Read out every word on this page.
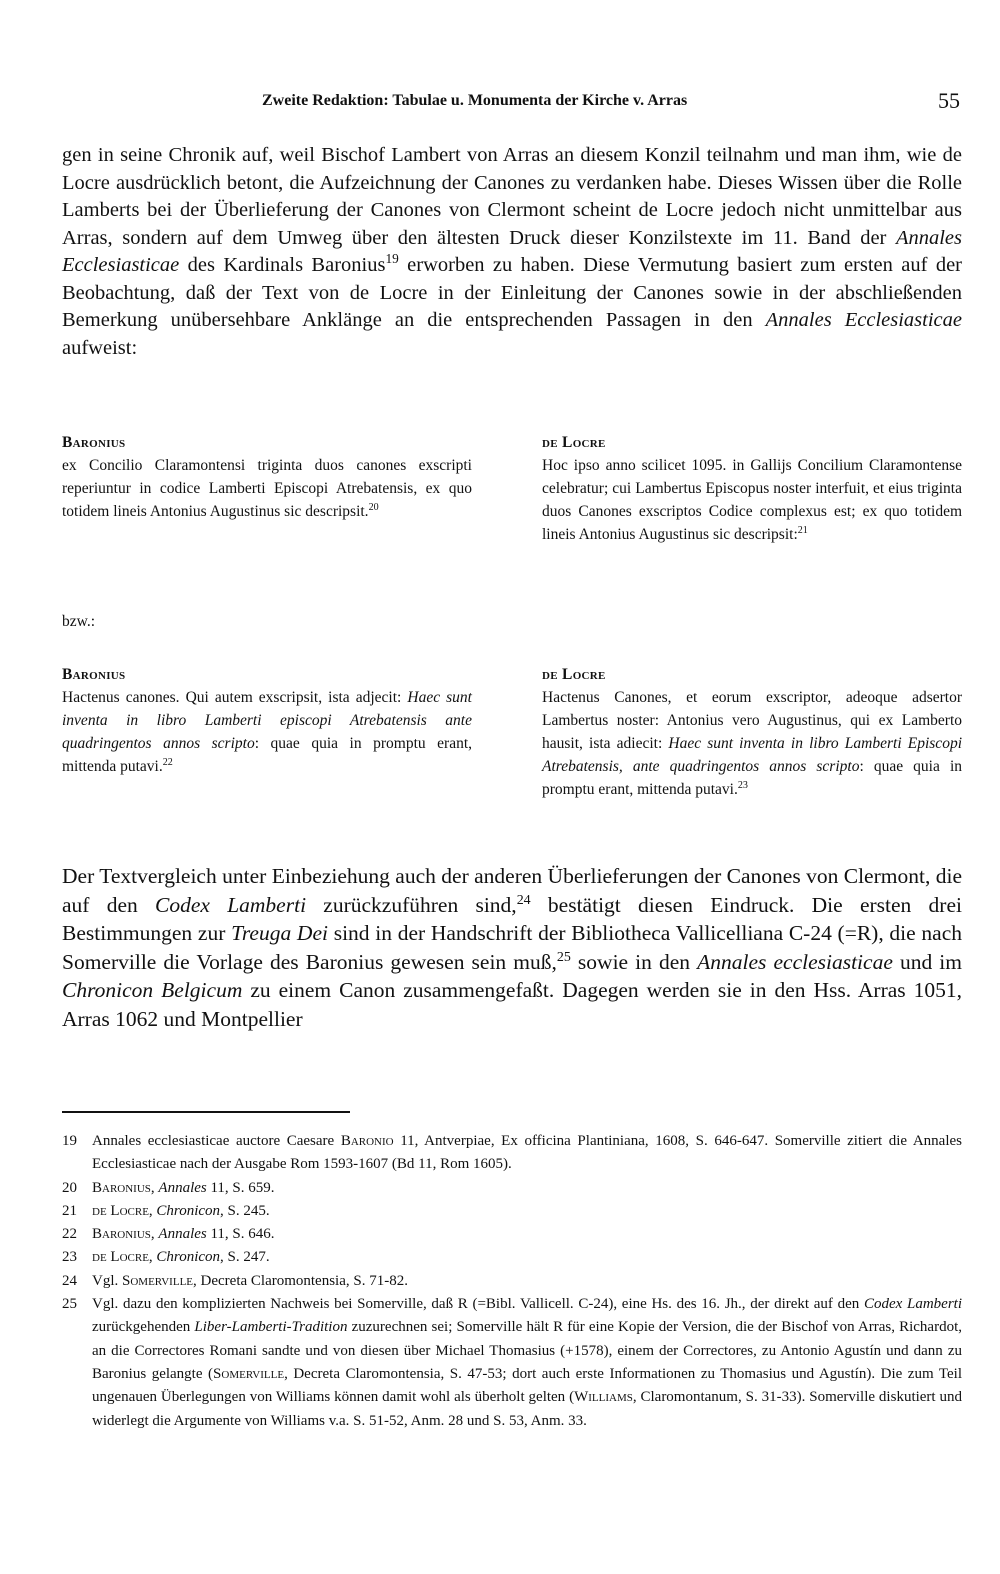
Zweite Redaktion: Tabulae u. Monumenta der Kirche v. Arras	55
gen in seine Chronik auf, weil Bischof Lambert von Arras an diesem Konzil teilnahm und man ihm, wie de Locre ausdrücklich betont, die Aufzeichnung der Canones zu verdanken habe. Dieses Wissen über die Rolle Lamberts bei der Überlieferung der Canones von Clermont scheint de Locre jedoch nicht unmittelbar aus Arras, sondern auf dem Umweg über den ältesten Druck dieser Konzilstexte im 11. Band der Annales Ecclesiasticae des Kardinals Baronius$^{19}$ erworben zu haben. Diese Vermutung basiert zum ersten auf der Beobachtung, daß der Text von de Locre in der Einleitung der Canones sowie in der abschließenden Bemerkung unübersehbare Anklänge an die entsprechenden Passagen in den Annales Ecclesiasticae aufweist:
Baronius
ex Concilio Claramontensi triginta duos canones exscripti reperiuntur in codice Lamberti Episcopi Atrebatensis, ex quo totidem lineis Antonius Augustinus sic descripsit.$^{20}$
de Locre
Hoc ipso anno scilicet 1095. in Gallijs Concilium Claramontense celebratur; cui Lambertus Episcopus noster interfuit, et eius triginta duos Canones exscriptos Codice complexus est; ex quo totidem lineis Antonius Augustinus sic descripsit:$^{21}$
bzw.:
Baronius
Hactenus canones. Qui autem exscripsit, ista adjecit: Haec sunt inventa in libro Lamberti episcopi Atrebatensis ante quadringentos annos scripto: quae quia in promptu erant, mittenda putavi.$^{22}$
de Locre
Hactenus Canones, et eorum exscriptor, adeoque adsertor Lambertus noster: Antonius vero Augustinus, qui ex Lamberto hausit, ista adiecit: Haec sunt inventa in libro Lamberti Episcopi Atrebatensis, ante quadringentos annos scripto: quae quia in promptu erant, mittenda putavi.$^{23}$
Der Textvergleich unter Einbeziehung auch der anderen Überlieferungen der Canones von Clermont, die auf den Codex Lamberti zurückzuführen sind,$^{24}$ bestätigt diesen Eindruck. Die ersten drei Bestimmungen zur Treuga Dei sind in der Handschrift der Bibliotheca Vallicelliana C-24 (=R), die nach Somerville die Vorlage des Baronius gewesen sein muß,$^{25}$ sowie in den Annales ecclesiasticae und im Chronicon Belgicum zu einem Canon zusammengefaßt. Dagegen werden sie in den Hss. Arras 1051, Arras 1062 und Montpellier
19 Annales ecclesiasticae auctore Caesare Baronio 11, Antverpiae, Ex officina Plantiniana, 1608, S. 646-647. Somerville zitiert die Annales Ecclesiasticae nach der Ausgabe Rom 1593-1607 (Bd 11, Rom 1605).
20 Baronius, Annales 11, S. 659.
21 de Locre, Chronicon, S. 245.
22 Baronius, Annales 11, S. 646.
23 de Locre, Chronicon, S. 247.
24 Vgl. Somerville, Decreta Claromontensia, S. 71-82.
25 Vgl. dazu den komplizierten Nachweis bei Somerville, daß R (=Bibl. Vallicell. C-24), eine Hs. des 16. Jh., der direkt auf den Codex Lamberti zurückgehenden Liber-Lamberti-Tradition zuzurechnen sei; Somerville hält R für eine Kopie der Version, die der Bischof von Arras, Richardot, an die Correctores Romani sandte und von diesen über Michael Thomasius (+1578), einem der Correctores, zu Antonio Agustín und dann zu Baronius gelangte (Somerville, Decreta Claromontensia, S. 47-53; dort auch erste Informationen zu Thomasius und Agustín). Die zum Teil ungenauen Überlegungen von Williams können damit wohl als überholt gelten (Williams, Claromontanum, S. 31-33). Somerville diskutiert und widerlegt die Argumente von Williams v.a. S. 51-52, Anm. 28 und S. 53, Anm. 33.
